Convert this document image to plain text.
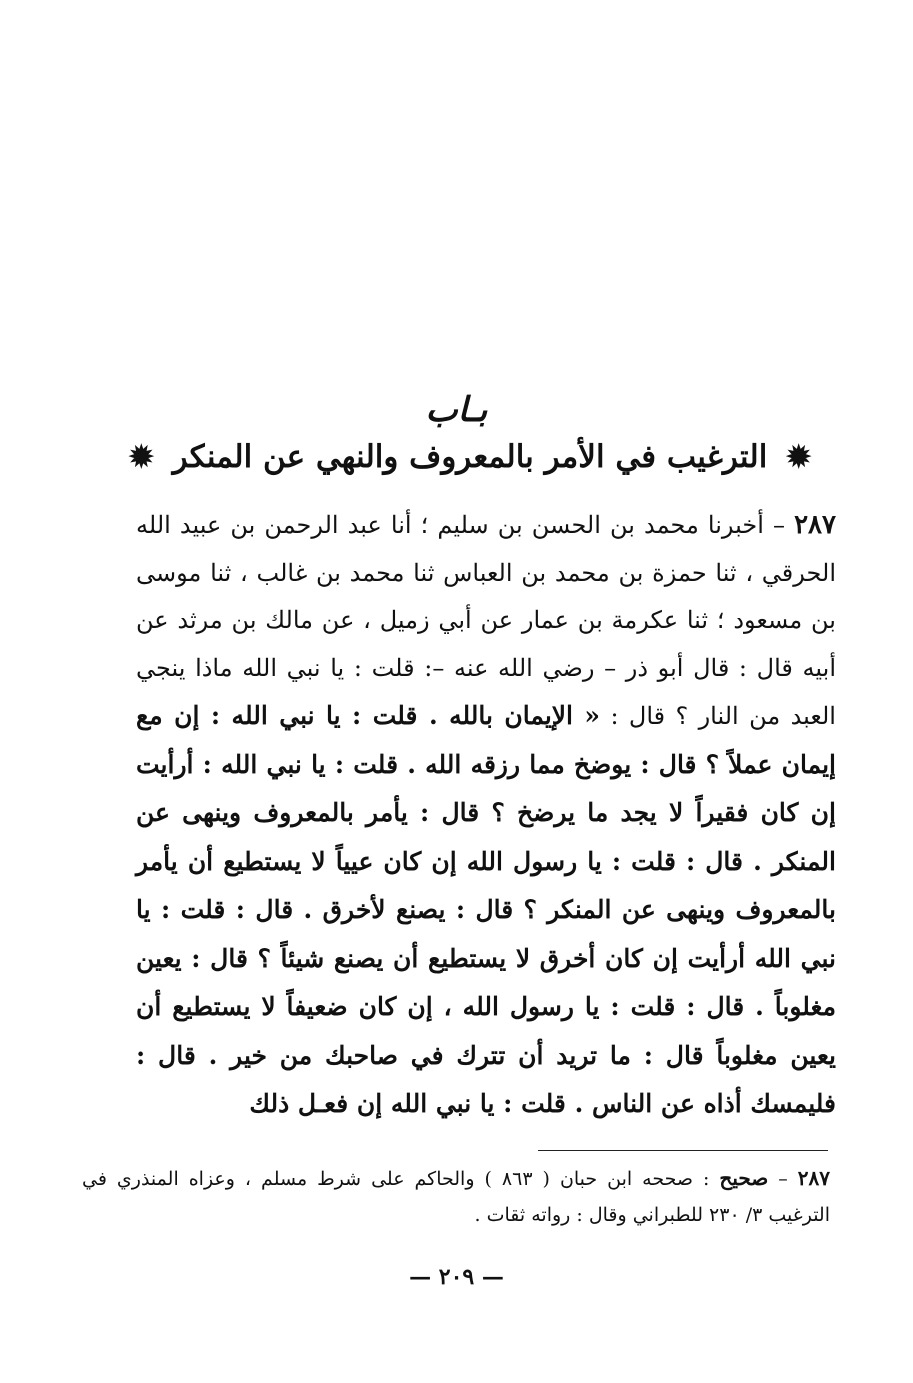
بـاب
✹ الترغيب في الأمر بالمعروف والنهي عن المنكر ✹
٢٨٧ – أخبرنا محمد بن الحسن بن سليم ؛ أنا عبد الرحمن بن عبيد الله الحرقي ، ثنا حمزة بن محمد بن العباس ثنا محمد بن غالب ، ثنا موسى بن مسعود ؛ ثنا عكرمة بن عمار عن أبي زميل ، عن مالك بن مرثد عن أبيه قال : قال أبو ذر – رضي الله عنه –: قلت : يا نبي الله ماذا ينجي العبد من النار ؟ قال : « الإيمان بالله . قلت : يا نبي الله : إن مع إيمان عملاً ؟ قال : يوضخ مما رزقه الله . قلت : يا نبي الله : أرأيت إن كان فقيراً لا يجد ما يرضخ ؟ قال : يأمر بالمعروف وينهى عن المنكر . قال : قلت : يا رسول الله إن كان عيياً لا يستطيع أن يأمر بالمعروف وينهى عن المنكر ؟ قال : يصنع لأخرق . قال : قلت : يا نبي الله أرأيت إن كان أخرق لا يستطيع أن يصنع شيئاً ؟ قال : يعين مغلوباً . قال : قلت : يا رسول الله ، إن كان ضعيفاً لا يستطيع أن يعين مغلوباً قال : ما تريد أن تترك في صاحبك من خير . قال : فليمسك أذاه عن الناس . قلت : يا نبي الله إن فعـل ذلك
٢٨٧ – صحيح : صححه ابن حبان ( ٨٦٣ ) والحاكم على شرط مسلم ، وعزاه المنذري في الترغيب ٣/ ٢٣٠ للطبراني وقال : رواته ثقات .
— ٢٠٩ —
